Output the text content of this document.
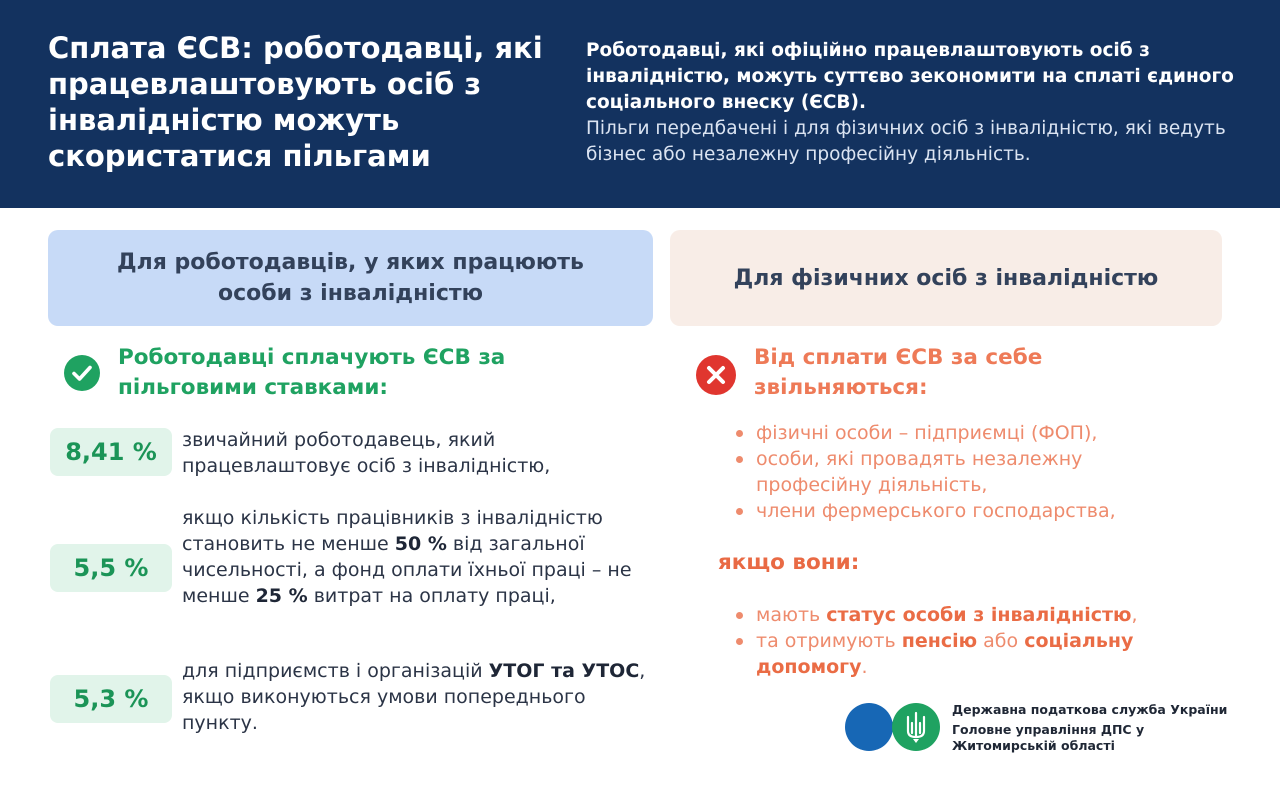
Сплата ЄСВ: роботодавці, які працевлаштовують осіб з інвалідністю можуть скористатися пільгами
Роботодавці, які офіційно працевлаштовують осіб з інвалідністю, можуть суттєво зекономити на сплаті єдиного соціального внеску (ЄСВ).
Пільги передбачені і для фізичних осіб з інвалідністю, які ведуть бізнес або незалежну професійну діяльність.
Для роботодавців, у яких працюють особи з інвалідністю
Для фізичних осіб з інвалідністю
Роботодавці сплачують ЄСВ за пільговими ставками:
8,41 %	звичайний роботодавець, який працевлаштовує осіб з інвалідністю,
5,5 %
якщо кількість працівників з інвалідністю становить не менше 50 % від загальної чисельності, а фонд оплати їхньої праці – не менше 25 % витрат на оплату праці,
5,3 %
для підприємств і організацій УТОГ та УТОС, якщо виконуються умови попереднього пункту.
Від сплати ЄСВ за себе звільняються:
фізичні особи – підприємці (ФОП),
особи, які провадять незалежну професійну діяльність,
члени фермерського господарства,
якщо вони:
мають статус особи з інвалідністю,
та отримують пенсію або соціальну допомогу.
Державна податкова служба України
Головне управління ДПС у Житомирській області
